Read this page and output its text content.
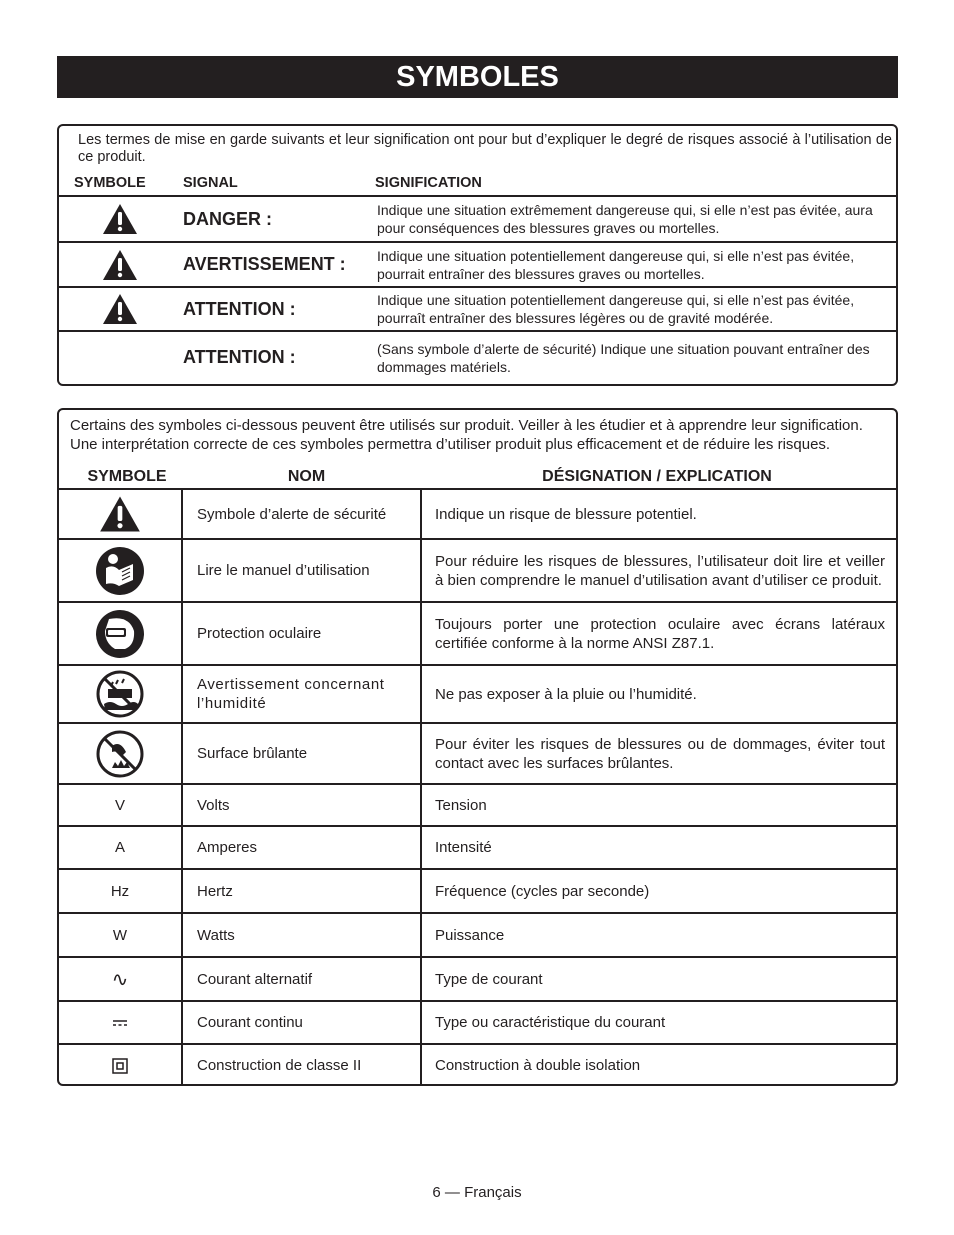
SYMBOLES
Les termes de mise en garde suivants et leur signification ont pour but d’expliquer le degré de risques associé à l’utilisation de ce produit.
SYMBOLE	SIGNAL	SIGNIFICATION
	DANGER :	Indique une situation extrêmement dangereuse qui, si elle n’est pas évitée, aura pour conséquences des blessures graves ou mortelles.
	AVERTISSEMENT :	Indique une situation potentiellement dangereuse qui, si elle n’est pas évitée, pourrait entraîner des blessures graves ou mortelles.
	ATTENTION :	Indique une situation potentiellement dangereuse qui, si elle n’est pas évitée, pourraît entraîner des blessures légères ou de gravité modérée.
	ATTENTION :	(Sans symbole d’alerte de sécurité) Indique une situation pouvant entraîner des dommages matériels.
Certains des symboles ci-dessous peuvent être utilisés sur produit. Veiller à les étudier et à apprendre leur signification. Une interprétation correcte de ces symboles permettra d’utiliser produit plus efficacement et de réduire les risques.
SYMBOLE	NOM	DÉSIGNATION / EXPLICATION
	Symbole d’alerte de sécurité	Indique un risque de blessure potentiel.
	Lire le manuel d’utilisation	Pour réduire les risques de blessures, l’utilisateur doit lire et veiller à bien comprendre le manuel d’utilisation avant d’utiliser ce produit.
	Protection oculaire	Toujours porter une protection oculaire avec écrans latéraux certifiée conforme à la norme ANSI Z87.1.
	Avertissement concernant l’humidité	Ne pas exposer à la pluie ou l’humidité.
	Surface brûlante	Pour éviter les risques de blessures ou de dommages, éviter tout contact avec les surfaces brûlantes.
V	Volts	Tension
A	Amperes	Intensité
Hz	Hertz	Fréquence (cycles par seconde)
W	Watts	Puissance
∿	Courant alternatif	Type de courant
	Courant continu	Type ou caractéristique du courant
	Construction de classe II	Construction à double isolation
6 — Français
